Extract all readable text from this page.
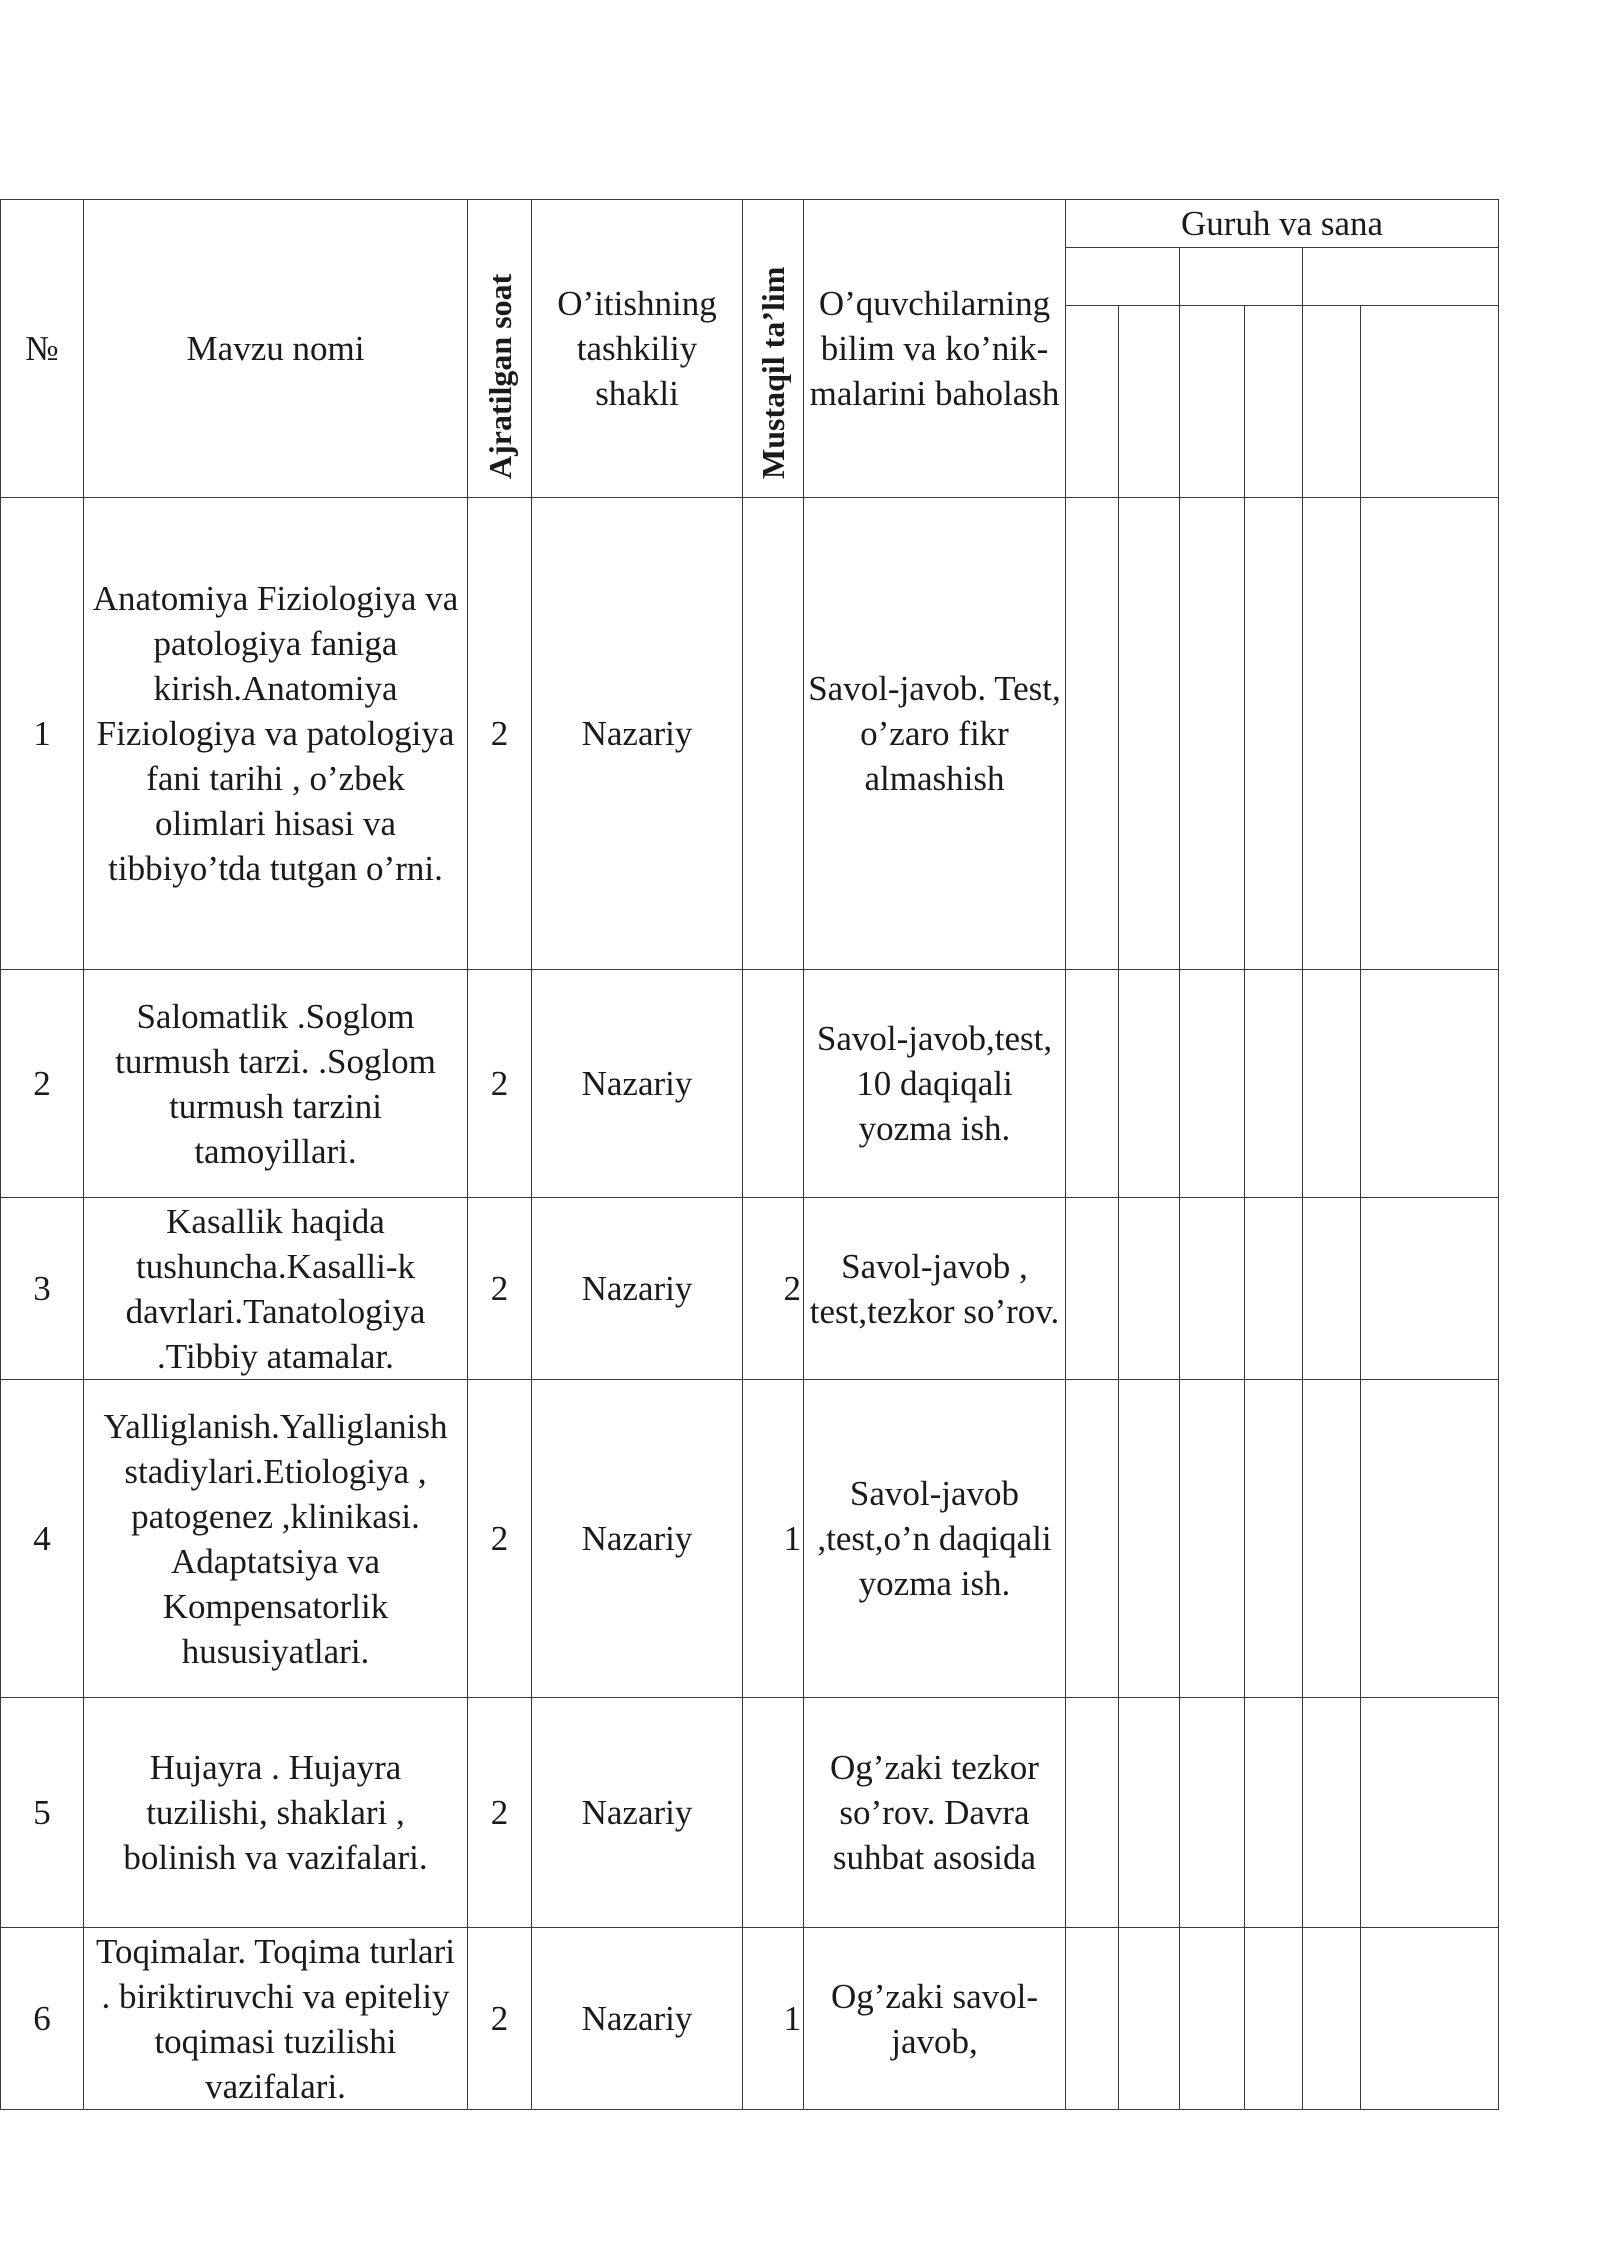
№	Mavzu nomi	Ajratilgan soat	O’itishning tashkiliy shakli	Mustaqil ta’lim	O’quvchilarning bilim va ko’nik-malarini baholash	Guruh va sana					

1	Anatomiya Fiziologiya va patologiya faniga kirish.Anatomiya Fiziologiya va patologiya fani tarihi , o’zbek olimlari hisasi va tibbiyo’tda tutgan o’rni.	2	Nazariy		Savol-javob. Test, o’zaro fikr almashish						
2	Salomatlik .Soglom turmush tarzi. .Soglom turmush tarzini tamoyillari.	2	Nazariy		Savol-javob,test, 10 daqiqali yozma ish.						
3	Kasallik haqida tushuncha.Kasalli-k davrlari.Tanatologiya .Tibbiy atamalar.	2	Nazariy	2	Savol-javob , test,tezkor so’rov.						
4	Yalliglanish.Yalliglanish stadiylari.Etiologiya , patogenez ,klinikasi. Adaptatsiya va Kompensatorlik hususiyatlari.	2	Nazariy	1	Savol-javob ,test,o’n daqiqali yozma ish.						
5	Hujayra . Hujayra tuzilishi, shaklari , bolinish va vazifalari.	2	Nazariy		Og’zaki tezkor so’rov. Davra suhbat asosida						
6	Toqimalar. Toqima turlari . biriktiruvchi va epiteliy toqimasi tuzilishi vazifalari.	2	Nazariy	1	Og’zaki savol-javob,						
